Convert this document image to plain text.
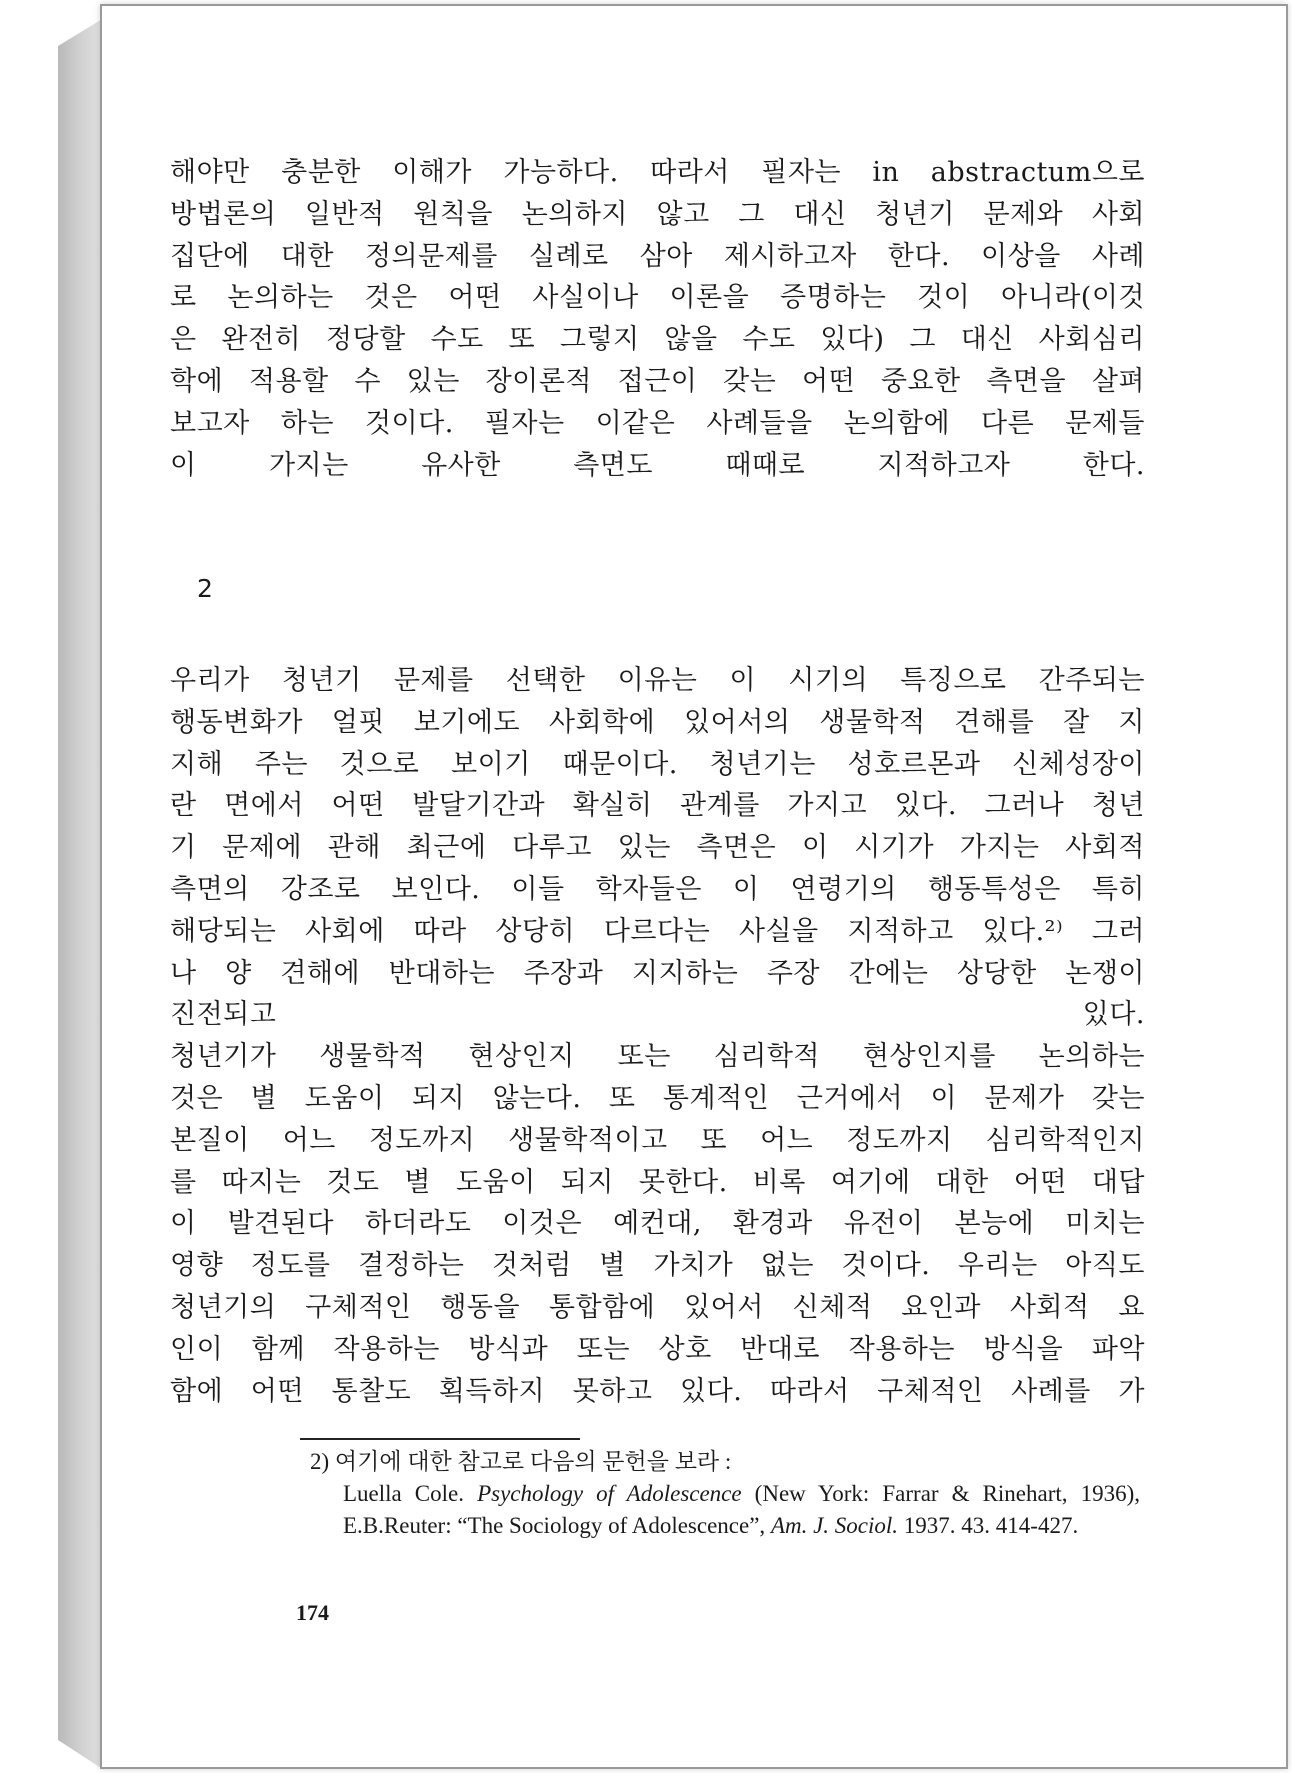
해야만 충분한 이해가 가능하다. 따라서 필자는 in abstractum으로
방법론의 일반적 원칙을 논의하지 않고 그 대신 청년기 문제와 사회
집단에 대한 정의문제를 실례로 삼아 제시하고자 한다. 이상을 사례
로 논의하는 것은 어떤 사실이나 이론을 증명하는 것이 아니라(이것
은 완전히 정당할 수도 또 그렇지 않을 수도 있다) 그 대신 사회심리
학에 적용할 수 있는 장이론적 접근이 갖는 어떤 중요한 측면을 살펴
보고자 하는 것이다. 필자는 이같은 사례들을 논의함에 다른 문제들
이 가지는 유사한 측면도 때때로 지적하고자 한다.

2

우리가 청년기 문제를 선택한 이유는 이 시기의 특징으로 간주되는
행동변화가 얼핏 보기에도 사회학에 있어서의 생물학적 견해를 잘 지
지해 주는 것으로 보이기 때문이다. 청년기는 성호르몬과 신체성장이
란 면에서 어떤 발달기간과 확실히 관계를 가지고 있다. 그러나 청년
기 문제에 관해 최근에 다루고 있는 측면은 이 시기가 가지는 사회적
측면의 강조로 보인다. 이들 학자들은 이 연령기의 행동특성은 특히
해당되는 사회에 따라 상당히 다르다는 사실을 지적하고 있다.²⁾ 그러
나 양 견해에 반대하는 주장과 지지하는 주장 간에는 상당한 논쟁이
진전되고 있다.

청년기가 생물학적 현상인지 또는 심리학적 현상인지를 논의하는
것은 별 도움이 되지 않는다. 또 통계적인 근거에서 이 문제가 갖는
본질이 어느 정도까지 생물학적이고 또 어느 정도까지 심리학적인지
를 따지는 것도 별 도움이 되지 못한다. 비록 여기에 대한 어떤 대답
이 발견된다 하더라도 이것은 예컨대, 환경과 유전이 본능에 미치는
영향 정도를 결정하는 것처럼 별 가치가 없는 것이다. 우리는 아직도
청년기의 구체적인 행동을 통합함에 있어서 신체적 요인과 사회적 요
인이 함께 작용하는 방식과 또는 상호 반대로 작용하는 방식을 파악
함에 어떤 통찰도 획득하지 못하고 있다. 따라서 구체적인 사례를 가

2) 여기에 대한 참고로 다음의 문헌을 보라 :
Luella Cole. Psychology of Adolescence (New York: Farrar & Rinehart, 1936), E.B.Reuter: “The Sociology of Adolescence”, Am. J. Sociol. 1937. 43. 414-427.
174
